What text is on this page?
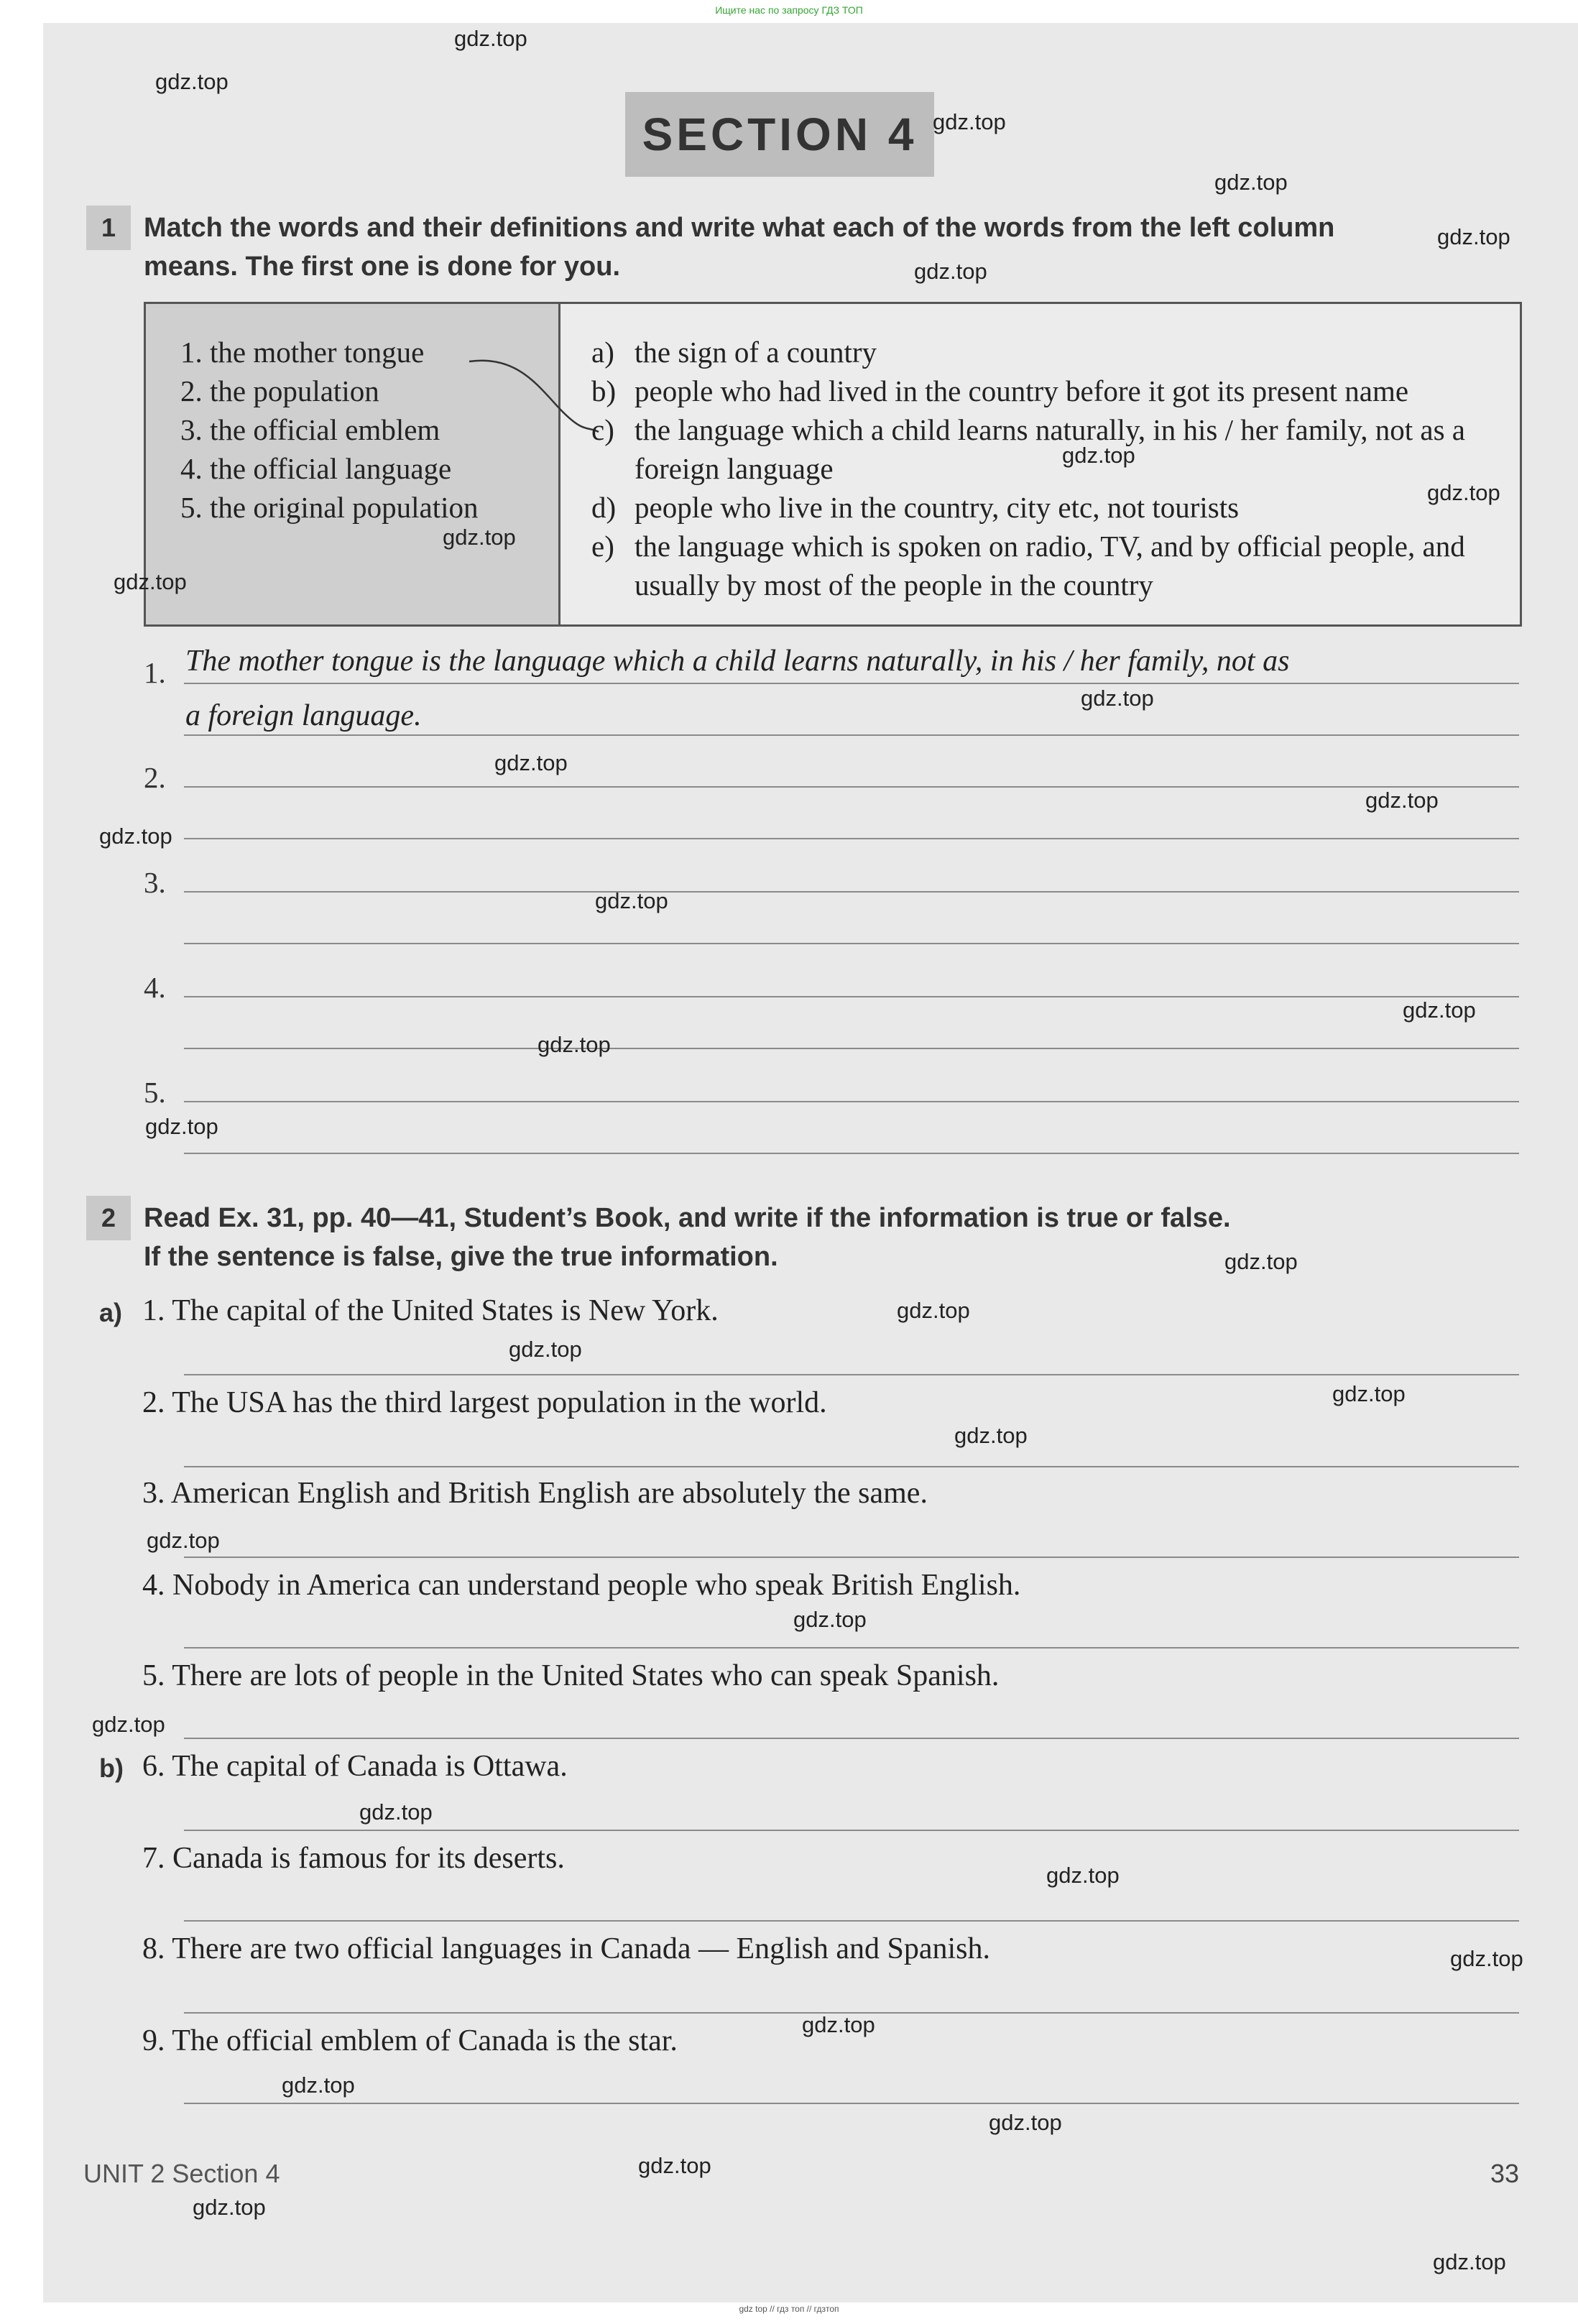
Ищите нас по запросу ГДЗ ТОП
SECTION 4
1	Match the words and their definitions and write what each of the words from the left column
means. The first one is done for you.
1. the mother tongue
2. the population
3. the official emblem
4. the official language
5. the original population
a) the sign of a country
b) people who had lived in the country before it got its present name
c) the language which a child learns naturally, in his / her family, not as a foreign language
d) people who live in the country, city etc, not tourists
e) the language which is spoken on radio, TV, and by official people, and usually by most of the people in the country
1. The mother tongue is the language which a child learns naturally, in his / her family, not as
a foreign language.
2.
3.
4.
5.
2	Read Ex. 31, pp. 40—41, Student’s Book, and write if the information is true or false.
If the sentence is false, give the true information.
a) 1. The capital of the United States is New York.
2. The USA has the third largest population in the world.
3. American English and British English are absolutely the same.
4. Nobody in America can understand people who speak British English.
5. There are lots of people in the United States who can speak Spanish.
b) 6. The capital of Canada is Ottawa.
7. Canada is famous for its deserts.
8. There are two official languages in Canada — English and Spanish.
9. The official emblem of Canada is the star.
UNIT 2 Section 4	33
gdz.top
gdz.top
gdz.top
gdz.top
gdz.top
gdz.top
gdz.top
gdz.top
gdz.top
gdz.top
gdz.top
gdz.top
gdz.top
gdz.top
gdz.top
gdz.top
gdz.top
gdz.top
gdz.top
gdz.top
gdz.top
gdz.top
gdz.top
gdz.top
gdz.top
gdz.top
gdz.top
gdz.top
gdz.top
gdz.top
gdz.top
gdz.top
gdz.top
gdz.top
gdz.top
gdz top // гдз топ // гдзтоп
